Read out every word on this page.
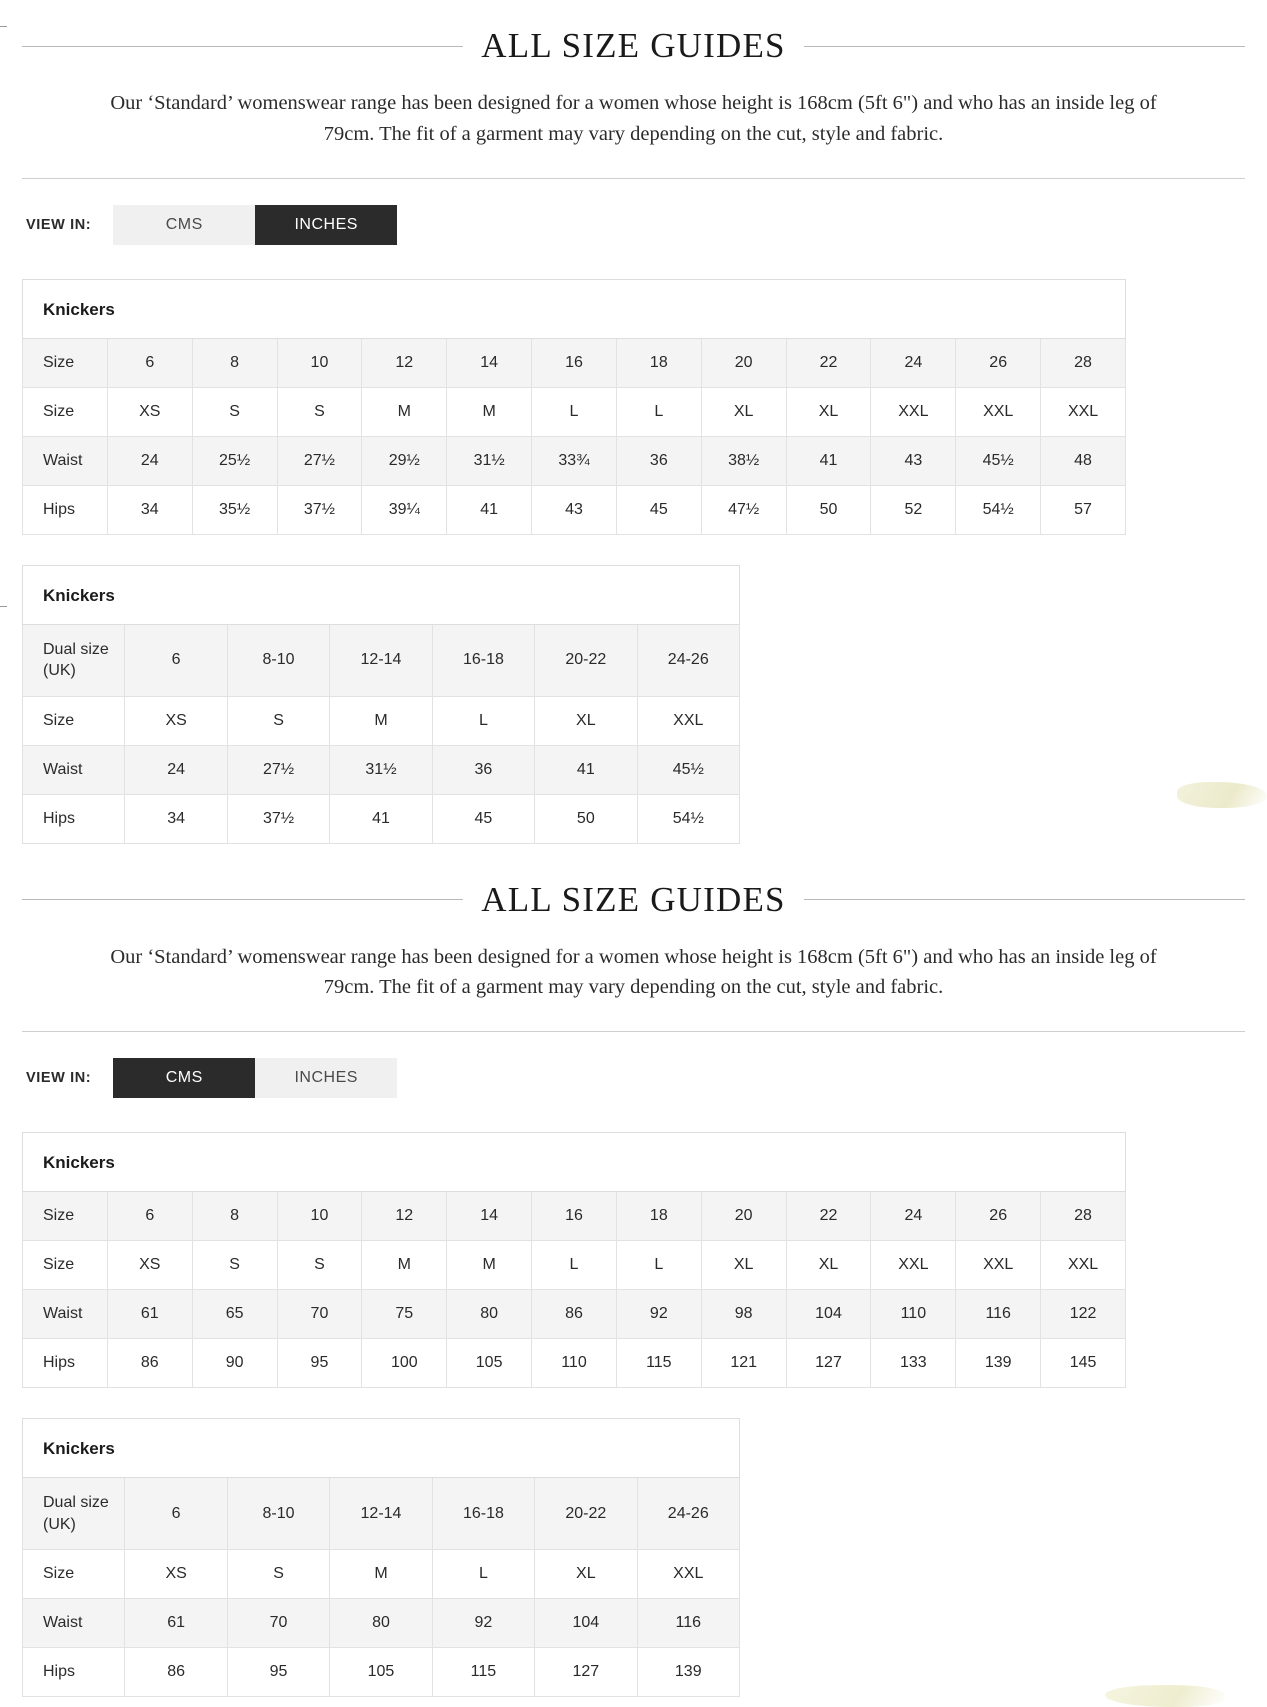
ALL SIZE GUIDES
Our ‘Standard’ womenswear range has been designed for a women whose height is 168cm (5ft 6") and who has an inside leg of 79cm. The fit of a garment may vary depending on the cut, style and fabric.
VIEW IN:	CMS	INCHES
Knickers												
Size	6	8	10	12	14	16	18	20	22	24	26	28
Size	XS	S	S	M	M	L	L	XL	XL	XXL	XXL	XXL
Waist	24	25½	27½	29½	31½	33¾	36	38½	41	43	45½	48
Hips	34	35½	37½	39¼	41	43	45	47½	50	52	54½	57
Knickers						
Dual size (UK)	6	8-10	12-14	16-18	20-22	24-26
Size	XS	S	M	L	XL	XXL
Waist	24	27½	31½	36	41	45½
Hips	34	37½	41	45	50	54½
ALL SIZE GUIDES
Our ‘Standard’ womenswear range has been designed for a women whose height is 168cm (5ft 6") and who has an inside leg of 79cm. The fit of a garment may vary depending on the cut, style and fabric.
VIEW IN:	CMS	INCHES
Knickers												
Size	6	8	10	12	14	16	18	20	22	24	26	28
Size	XS	S	S	M	M	L	L	XL	XL	XXL	XXL	XXL
Waist	61	65	70	75	80	86	92	98	104	110	116	122
Hips	86	90	95	100	105	110	115	121	127	133	139	145
Knickers						
Dual size (UK)	6	8-10	12-14	16-18	20-22	24-26
Size	XS	S	M	L	XL	XXL
Waist	61	70	80	92	104	116
Hips	86	95	105	115	127	139
